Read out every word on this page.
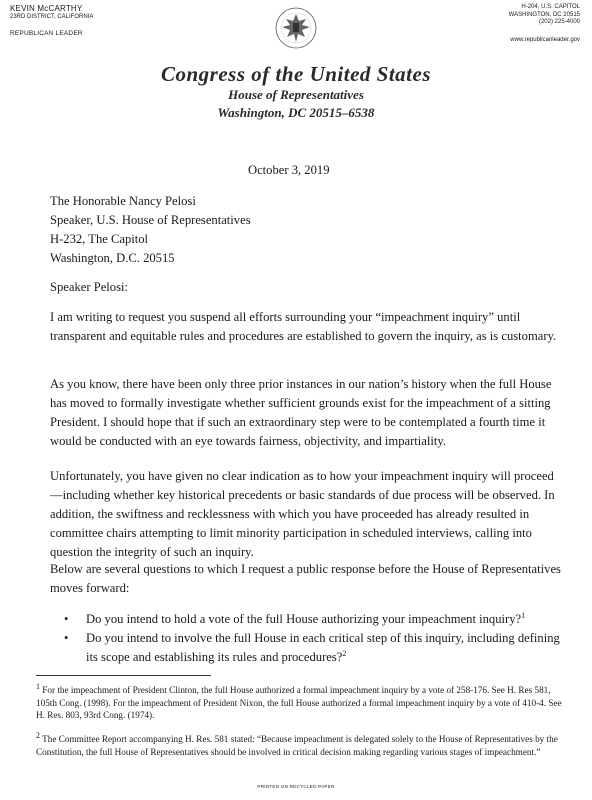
KEVIN McCARTHY
23RD DISTRICT, CALIFORNIA
REPUBLICAN LEADER
H-204, U.S. CAPITOL
WASHINGTON, DC 20515
(202) 225-4000
www.republicanleader.gov
Congress of the United States
House of Representatives
Washington, DC 20515–6538
October 3, 2019
The Honorable Nancy Pelosi
Speaker, U.S. House of Representatives
H-232, The Capitol
Washington, D.C. 20515
Speaker Pelosi:
I am writing to request you suspend all efforts surrounding your “impeachment inquiry” until transparent and equitable rules and procedures are established to govern the inquiry, as is customary.
As you know, there have been only three prior instances in our nation’s history when the full House has moved to formally investigate whether sufficient grounds exist for the impeachment of a sitting President. I should hope that if such an extraordinary step were to be contemplated a fourth time it would be conducted with an eye towards fairness, objectivity, and impartiality.
Unfortunately, you have given no clear indication as to how your impeachment inquiry will proceed—including whether key historical precedents or basic standards of due process will be observed. In addition, the swiftness and recklessness with which you have proceeded has already resulted in committee chairs attempting to limit minority participation in scheduled interviews, calling into question the integrity of such an inquiry.
Below are several questions to which I request a public response before the House of Representatives moves forward:
• Do you intend to hold a vote of the full House authorizing your impeachment inquiry?$^1$
• Do you intend to involve the full House in each critical step of this inquiry, including defining its scope and establishing its rules and procedures?$^2$
$^1$ For the impeachment of President Clinton, the full House authorized a formal impeachment inquiry by a vote of 258-176. See H. Res 581, 105th Cong. (1998). For the impeachment of President Nixon, the full House authorized a formal impeachment inquiry by a vote of 410-4. See H. Res. 803, 93rd Cong. (1974).
$^2$ The Committee Report accompanying H. Res. 581 stated: “Because impeachment is delegated solely to the House of Representatives by the Constitution, the full House of Representatives should be involved in critical decision making regarding various stages of impeachment.”
PRINTED ON RECYCLED PAPER
